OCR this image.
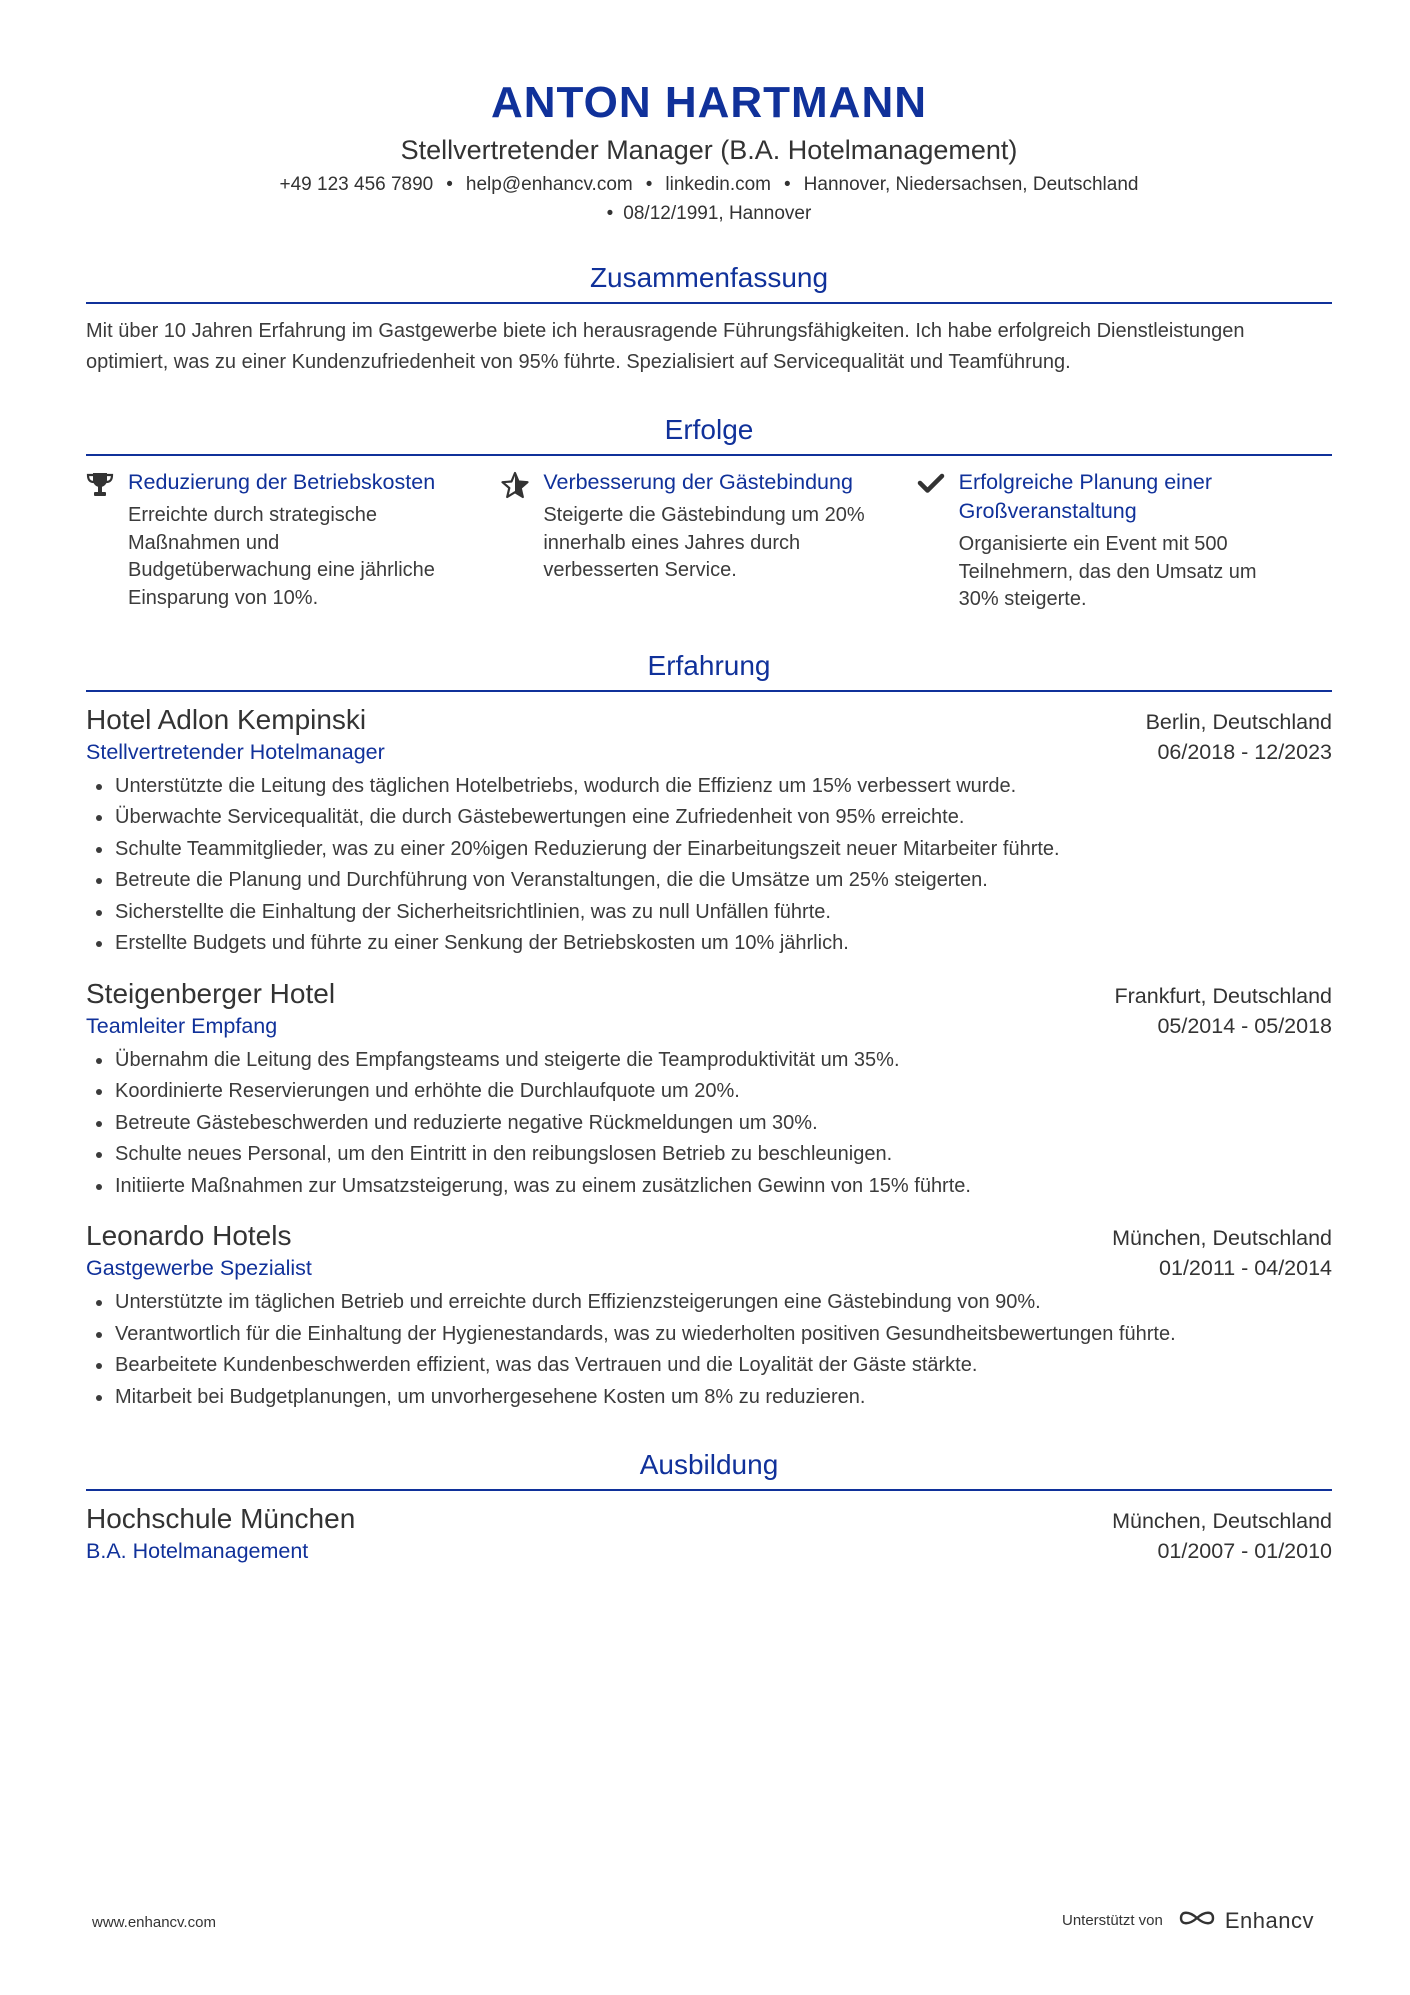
ANTON HARTMANN
Stellvertretender Manager (B.A. Hotelmanagement)
+49 123 456 7890 • help@enhancv.com • linkedin.com • Hannover, Niedersachsen, Deutschland
• 08/12/1991, Hannover
Zusammenfassung
Mit über 10 Jahren Erfahrung im Gastgewerbe biete ich herausragende Führungsfähigkeiten. Ich habe erfolgreich Dienstleistungen optimiert, was zu einer Kundenzufriedenheit von 95% führte. Spezialisiert auf Servicequalität und Teamführung.
Erfolge
Reduzierung der Betriebskosten
Erreichte durch strategische Maßnahmen und Budgetüberwachung eine jährliche Einsparung von 10%.
Verbesserung der Gästebindung
Steigerte die Gästebindung um 20% innerhalb eines Jahres durch verbesserten Service.
Erfolgreiche Planung einer Großveranstaltung
Organisierte ein Event mit 500 Teilnehmern, das den Umsatz um 30% steigerte.
Erfahrung
Hotel Adlon Kempinski	Berlin, Deutschland
Stellvertretender Hotelmanager	06/2018 - 12/2023
Unterstützte die Leitung des täglichen Hotelbetriebs, wodurch die Effizienz um 15% verbessert wurde.
Überwachte Servicequalität, die durch Gästebewertungen eine Zufriedenheit von 95% erreichte.
Schulte Teammitglieder, was zu einer 20%igen Reduzierung der Einarbeitungszeit neuer Mitarbeiter führte.
Betreute die Planung und Durchführung von Veranstaltungen, die die Umsätze um 25% steigerten.
Sicherstellte die Einhaltung der Sicherheitsrichtlinien, was zu null Unfällen führte.
Erstellte Budgets und führte zu einer Senkung der Betriebskosten um 10% jährlich.
Steigenberger Hotel	Frankfurt, Deutschland
Teamleiter Empfang	05/2014 - 05/2018
Übernahm die Leitung des Empfangsteams und steigerte die Teamproduktivität um 35%.
Koordinierte Reservierungen und erhöhte die Durchlaufquote um 20%.
Betreute Gästebeschwerden und reduzierte negative Rückmeldungen um 30%.
Schulte neues Personal, um den Eintritt in den reibungslosen Betrieb zu beschleunigen.
Initiierte Maßnahmen zur Umsatzsteigerung, was zu einem zusätzlichen Gewinn von 15% führte.
Leonardo Hotels	München, Deutschland
Gastgewerbe Spezialist	01/2011 - 04/2014
Unterstützte im täglichen Betrieb und erreichte durch Effizienzsteigerungen eine Gästebindung von 90%.
Verantwortlich für die Einhaltung der Hygienestandards, was zu wiederholten positiven Gesundheitsbewertungen führte.
Bearbeitete Kundenbeschwerden effizient, was das Vertrauen und die Loyalität der Gäste stärkte.
Mitarbeit bei Budgetplanungen, um unvorhergesehene Kosten um 8% zu reduzieren.
Ausbildung
Hochschule München	München, Deutschland
B.A. Hotelmanagement	01/2007 - 01/2010
www.enhancv.com	Unterstützt von	Enhancv
